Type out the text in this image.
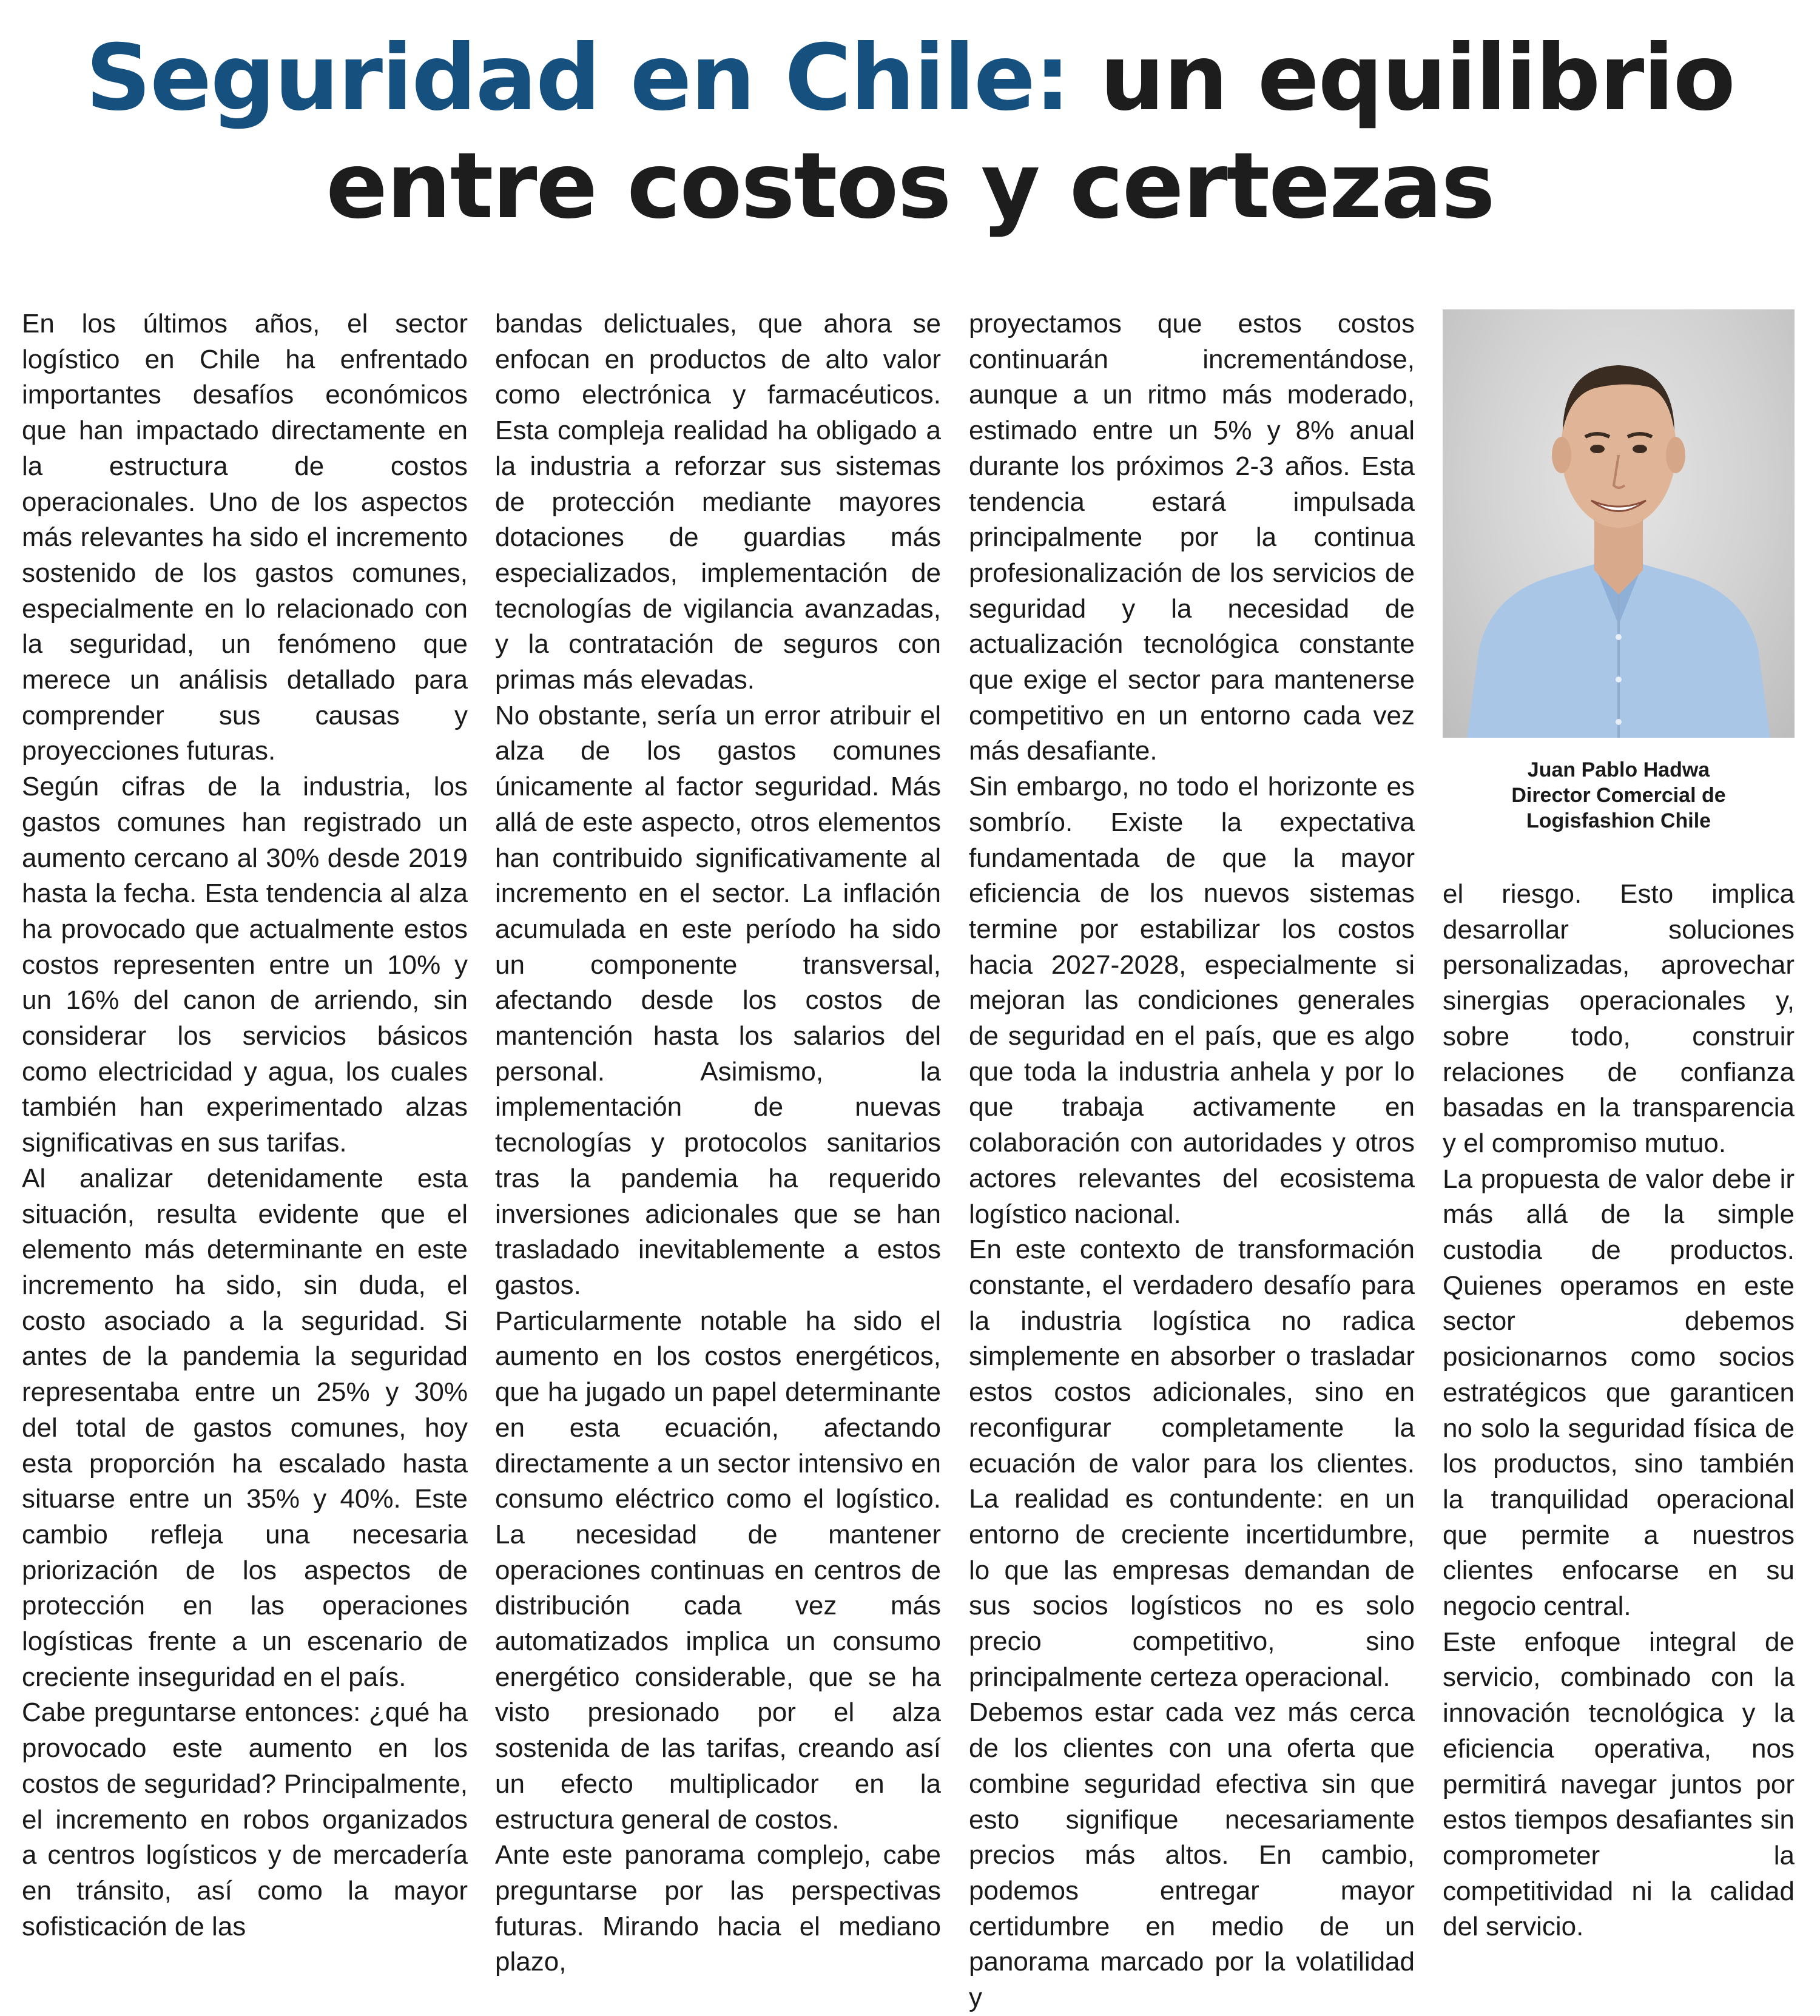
Seguridad en Chile: un equilibrio
entre costos y certezas

En los últimos años, el sector logístico en Chile ha enfrentado importantes desafíos económicos que han impactado directamente en la estructura de costos operacionales. Uno de los aspectos más relevantes ha sido el incremento sostenido de los gastos comunes, especialmente en lo relacionado con la seguridad, un fenómeno que merece un análisis detallado para comprender sus causas y proyecciones futuras.

Según cifras de la industria, los gastos comunes han registrado un aumento cercano al 30% desde 2019 hasta la fecha. Esta tendencia al alza ha provocado que actualmente estos costos representen entre un 10% y un 16% del canon de arriendo, sin considerar los servicios básicos como electricidad y agua, los cuales también han experimentado alzas significativas en sus tarifas.

Al analizar detenidamente esta situación, resulta evidente que el elemento más determinante en este incremento ha sido, sin duda, el costo asociado a la seguridad. Si antes de la pandemia la seguridad representaba entre un 25% y 30% del total de gastos comunes, hoy esta proporción ha escalado hasta situarse entre un 35% y 40%. Este cambio refleja una necesaria priorización de los aspectos de protección en las operaciones logísticas frente a un escenario de creciente inseguridad en el país.

Cabe preguntarse entonces: ¿qué ha provocado este aumento en los costos de seguridad? Principalmente, el incremento en robos organizados a centros logísticos y de mercadería en tránsito, así como la mayor sofisticación de las

bandas delictuales, que ahora se enfocan en productos de alto valor como electrónica y farmacéuticos. Esta compleja realidad ha obligado a la industria a reforzar sus sistemas de protección mediante mayores dotaciones de guardias más especializados, implementación de tecnologías de vigilancia avanzadas, y la contratación de seguros con primas más elevadas.

No obstante, sería un error atribuir el alza de los gastos comunes únicamente al factor seguridad. Más allá de este aspecto, otros elementos han contribuido significativamente al incremento en el sector. La inflación acumulada en este período ha sido un componente transversal, afectando desde los costos de mantención hasta los salarios del personal. Asimismo, la implementación de nuevas tecnologías y protocolos sanitarios tras la pandemia ha requerido inversiones adicionales que se han trasladado inevitablemente a estos gastos.

Particularmente notable ha sido el aumento en los costos energéticos, que ha jugado un papel determinante en esta ecuación, afectando directamente a un sector intensivo en consumo eléctrico como el logístico. La necesidad de mantener operaciones continuas en centros de distribución cada vez más automatizados implica un consumo energético considerable, que se ha visto presionado por el alza sostenida de las tarifas, creando así un efecto multiplicador en la estructura general de costos.

Ante este panorama complejo, cabe preguntarse por las perspectivas futuras. Mirando hacia el mediano plazo,

proyectamos que estos costos continuarán incrementándose, aunque a un ritmo más moderado, estimado entre un 5% y 8% anual durante los próximos 2-3 años. Esta tendencia estará impulsada principalmente por la continua profesionalización de los servicios de seguridad y la necesidad de actualización tecnológica constante que exige el sector para mantenerse competitivo en un entorno cada vez más desafiante.

Sin embargo, no todo el horizonte es sombrío. Existe la expectativa fundamentada de que la mayor eficiencia de los nuevos sistemas termine por estabilizar los costos hacia 2027-2028, especialmente si mejoran las condiciones generales de seguridad en el país, que es algo que toda la industria anhela y por lo que trabaja activamente en colaboración con autoridades y otros actores relevantes del ecosistema logístico nacional.

En este contexto de transformación constante, el verdadero desafío para la industria logística no radica simplemente en absorber o trasladar estos costos adicionales, sino en reconfigurar completamente la ecuación de valor para los clientes. La realidad es contundente: en un entorno de creciente incertidumbre, lo que las empresas demandan de sus socios logísticos no es solo precio competitivo, sino principalmente certeza operacional.

Debemos estar cada vez más cerca de los clientes con una oferta que combine seguridad efectiva sin que esto signifique necesariamente precios más altos. En cambio, podemos entregar mayor certidumbre en medio de un panorama marcado por la volatilidad y

Juan Pablo Hadwa
Director Comercial de
Logisfashion Chile

el riesgo. Esto implica desarrollar soluciones personalizadas, aprovechar sinergias operacionales y, sobre todo, construir relaciones de confianza basadas en la transparencia y el compromiso mutuo.

La propuesta de valor debe ir más allá de la simple custodia de productos. Quienes operamos en este sector debemos posicionarnos como socios estratégicos que garanticen no solo la seguridad física de los productos, sino también la tranquilidad operacional que permite a nuestros clientes enfocarse en su negocio central.

Este enfoque integral de servicio, combinado con la innovación tecnológica y la eficiencia operativa, nos permitirá navegar juntos por estos tiempos desafiantes sin comprometer la competitividad ni la calidad del servicio.
